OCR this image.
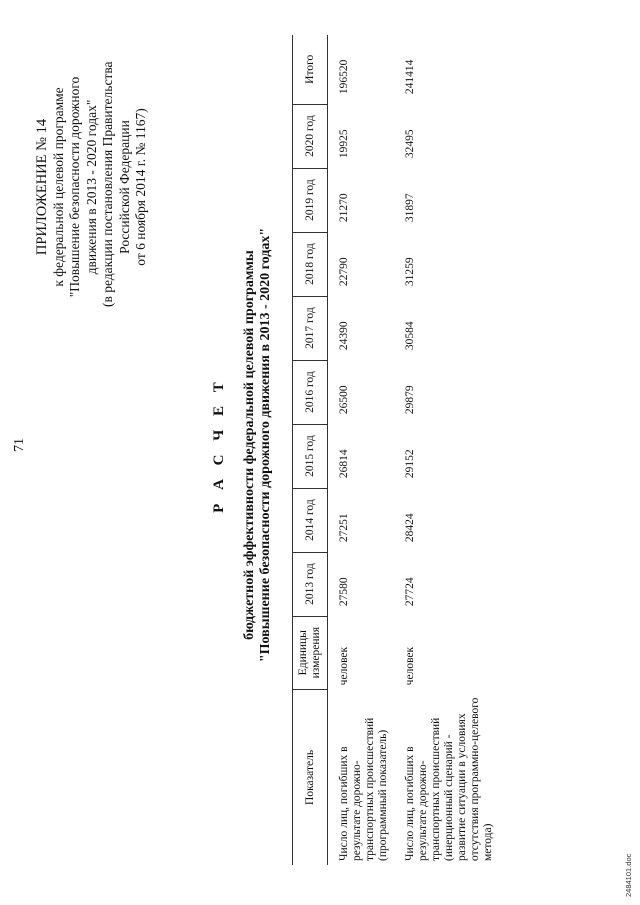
71
ПРИЛОЖЕНИЕ № 14 к федеральной целевой программе "Повышение безопасности дорожного движения в 2013 - 2020 годах" (в редакции постановления Правительства Российской Федерации от 6 ноября 2014 г. № 1167)
Р А С Ч Е Т бюджетной эффективности федеральной целевой программы "Повышение безопасности дорожного движения в 2013 - 2020 годах"
Показатель	Единицы измерения	2013 год	2014 год	2015 год	2016 год	2017 год	2018 год	2019 год	2020 год	Итого
Число лиц, погибших в результате дорожно-транспортных происшествий (программный показатель)	человек	27580	27251	26814	26500	24390	22790	21270	19925	196520
Число лиц, погибших в результате дорожно-транспортных происшествий (инерционный сценарий - развитие ситуации в условиях отсутствия программно-целевого метода)	человек	27724	28424	29152	29879	30584	31259	31897	32495	241414
2484101.doc
